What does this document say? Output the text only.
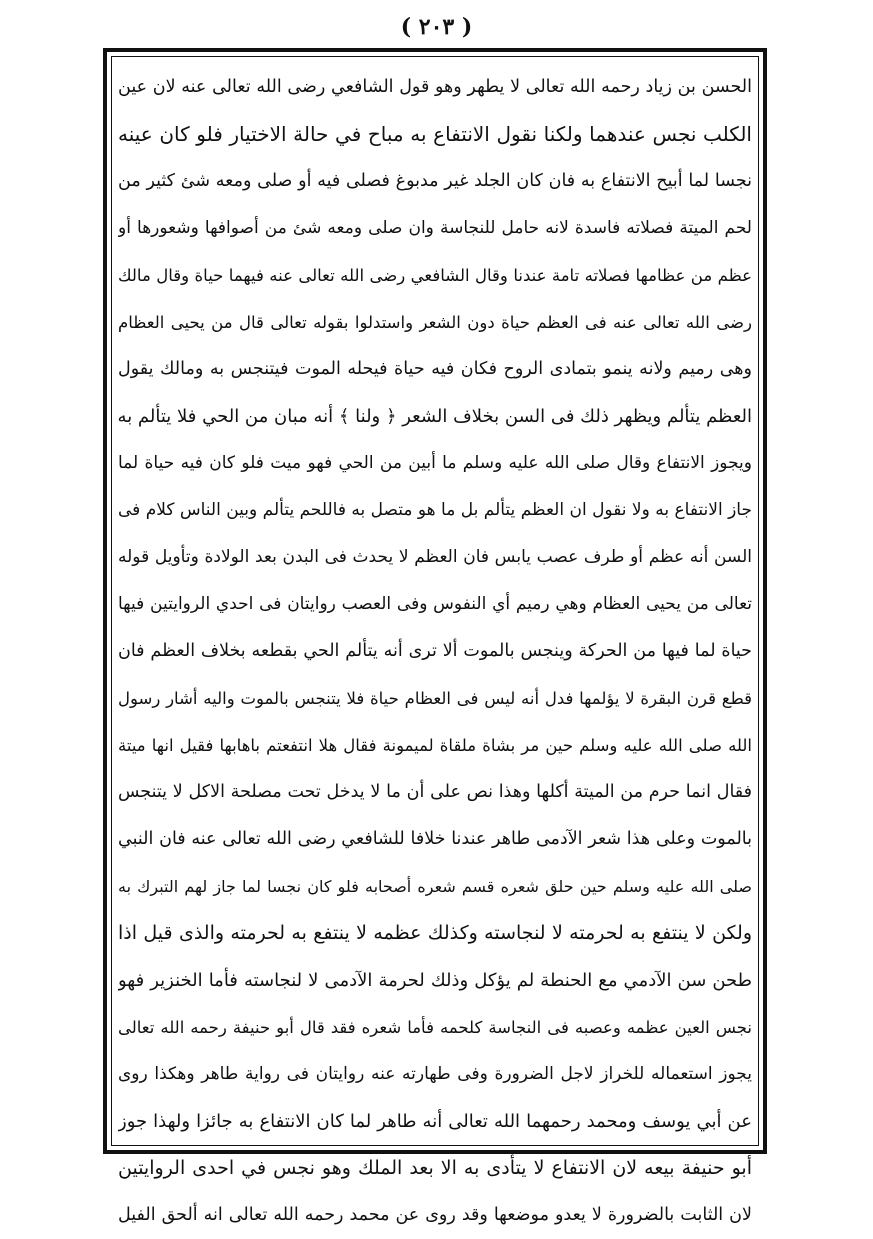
( ٢٠٣ )
الحسن بن زياد رحمه الله تعالى لا يطهر وهو قول الشافعي رضى الله تعالى عنه لان عين
الكلب نجس عندهما ولكنا نقول الانتفاع به مباح في حالة الاختيار فلو كان عينه
نجسا لما أبيح الانتفاع به فان كان الجلد غير مدبوغ فصلى فيه أو صلى ومعه شئ كثير من
لحم الميتة فصلاته فاسدة لانه حامل للنجاسة وان صلى ومعه شئ من أصوافها وشعورها أو
عظم من عظامها فصلاته تامة عندنا وقال الشافعي رضى الله تعالى عنه فيهما حياة وقال مالك
رضى الله تعالى عنه فى العظم حياة دون الشعر واستدلوا بقوله تعالى قال من يحيى العظام
وهى رميم ولانه ينمو بتمادى الروح فكان فيه حياة فيحله الموت فيتنجس به ومالك يقول
العظم يتألم ويظهر ذلك فى السن بخلاف الشعر ﴿ ولنا ﴾ أنه مبان من الحي فلا يتألم به
ويجوز الانتفاع وقال صلى الله عليه وسلم ما أبين من الحي فهو ميت فلو كان فيه حياة لما
جاز الانتفاع به ولا نقول ان العظم يتألم بل ما هو متصل به فاللحم يتألم وبين الناس كلام فى
السن أنه عظم أو طرف عصب يابس فان العظم لا يحدث فى البدن بعد الولادة وتأويل قوله
تعالى من يحيى العظام وهي رميم أي النفوس وفى العصب روايتان فى احدي الروايتين فيها
حياة لما فيها من الحركة وينجس بالموت ألا ترى أنه يتألم الحي بقطعه بخلاف العظم فان
قطع قرن البقرة لا يؤلمها فدل أنه ليس فى العظام حياة فلا يتنجس بالموت واليه أشار رسول
الله صلى الله عليه وسلم حين مر بشاة ملقاة لميمونة فقال هلا انتفعتم باهابها فقيل انها ميتة
فقال انما حرم من الميتة أكلها وهذا نص على أن ما لا يدخل تحت مصلحة الاكل لا يتنجس
بالموت وعلى هذا شعر الآدمى طاهر عندنا خلافا للشافعي رضى الله تعالى عنه فان النبي
صلى الله عليه وسلم حين حلق شعره قسم شعره أصحابه فلو كان نجسا لما جاز لهم التبرك به
ولكن لا ينتفع به لحرمته لا لنجاسته وكذلك عظمه لا ينتفع به لحرمته والذى قيل اذا
طحن سن الآدمي مع الحنطة لم يؤكل وذلك لحرمة الآدمى لا لنجاسته فأما الخنزير فهو
نجس العين عظمه وعصبه فى النجاسة كلحمه فأما شعره فقد قال أبو حنيفة رحمه الله تعالى
يجوز استعماله للخراز لاجل الضرورة وفى طهارته عنه روايتان فى رواية طاهر وهكذا روى
عن أبي يوسف ومحمد رحمهما الله تعالى أنه طاهر لما كان الانتفاع به جائزا ولهذا جوز
أبو حنيفة بيعه لان الانتفاع لا يتأدى به الا بعد الملك وهو نجس في احدى الروايتين
لان الثابت بالضرورة لا يعدو موضعها وقد روى عن محمد رحمه الله تعالى انه ألحق الفيل
